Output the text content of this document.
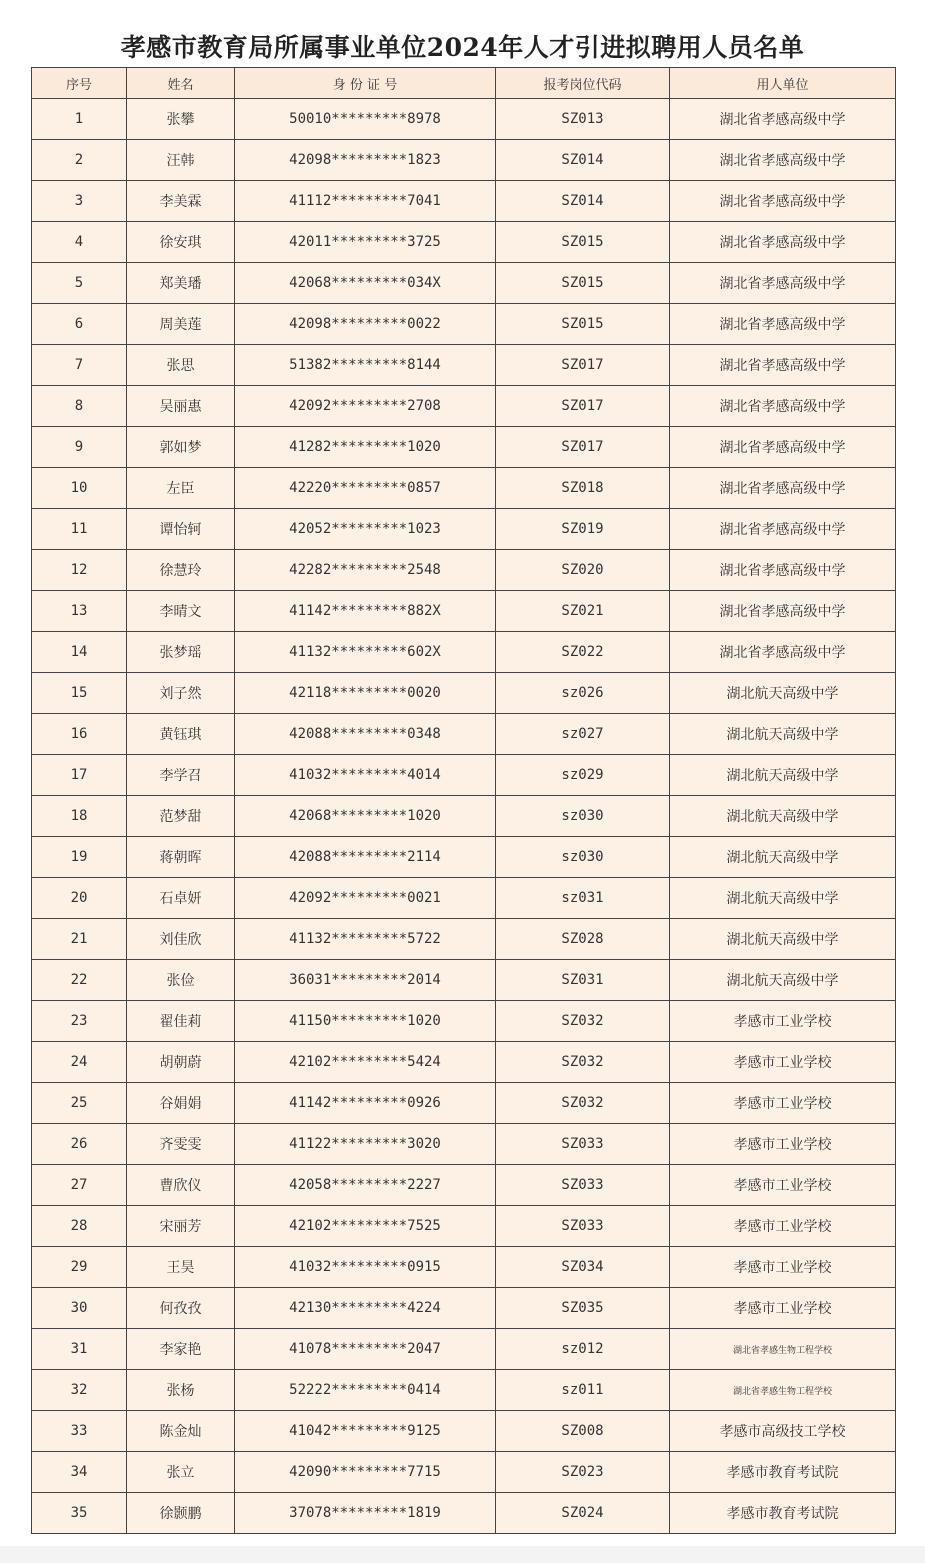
孝感市教育局所属事业单位2024年人才引进拟聘用人员名单
序号	姓名	身 份 证 号	报考岗位代码	用人单位
1	张攀	50010*********8978	SZ013	湖北省孝感高级中学
2	汪韩	42098*********1823	SZ014	湖北省孝感高级中学
3	李美霖	41112*********7041	SZ014	湖北省孝感高级中学
4	徐安琪	42011*********3725	SZ015	湖北省孝感高级中学
5	郑美璠	42068*********034X	SZ015	湖北省孝感高级中学
6	周美莲	42098*********0022	SZ015	湖北省孝感高级中学
7	张思	51382*********8144	SZ017	湖北省孝感高级中学
8	吴丽惠	42092*********2708	SZ017	湖北省孝感高级中学
9	郭如梦	41282*********1020	SZ017	湖北省孝感高级中学
10	左臣	42220*********0857	SZ018	湖北省孝感高级中学
11	谭怡轲	42052*********1023	SZ019	湖北省孝感高级中学
12	徐慧玲	42282*********2548	SZ020	湖北省孝感高级中学
13	李晴文	41142*********882X	SZ021	湖北省孝感高级中学
14	张梦瑶	41132*********602X	SZ022	湖北省孝感高级中学
15	刘子然	42118*********0020	sz026	湖北航天高级中学
16	黄钰琪	42088*********0348	sz027	湖北航天高级中学
17	李学召	41032*********4014	sz029	湖北航天高级中学
18	范梦甜	42068*********1020	sz030	湖北航天高级中学
19	蒋朝晖	42088*********2114	sz030	湖北航天高级中学
20	石卓妍	42092*********0021	sz031	湖北航天高级中学
21	刘佳欣	41132*********5722	SZ028	湖北航天高级中学
22	张俭	36031*********2014	SZ031	湖北航天高级中学
23	翟佳莉	41150*********1020	SZ032	孝感市工业学校
24	胡朝蔚	42102*********5424	SZ032	孝感市工业学校
25	谷娟娟	41142*********0926	SZ032	孝感市工业学校
26	齐雯雯	41122*********3020	SZ033	孝感市工业学校
27	曹欣仪	42058*********2227	SZ033	孝感市工业学校
28	宋丽芳	42102*********7525	SZ033	孝感市工业学校
29	王昊	41032*********0915	SZ034	孝感市工业学校
30	何孜孜	42130*********4224	SZ035	孝感市工业学校
31	李家艳	41078*********2047	sz012	湖北省孝感生物工程学校
32	张杨	52222*********0414	sz011	湖北省孝感生物工程学校
33	陈金灿	41042*********9125	SZ008	孝感市高级技工学校
34	张立	42090*********7715	SZ023	孝感市教育考试院
35	徐颢鹏	37078*********1819	SZ024	孝感市教育考试院
